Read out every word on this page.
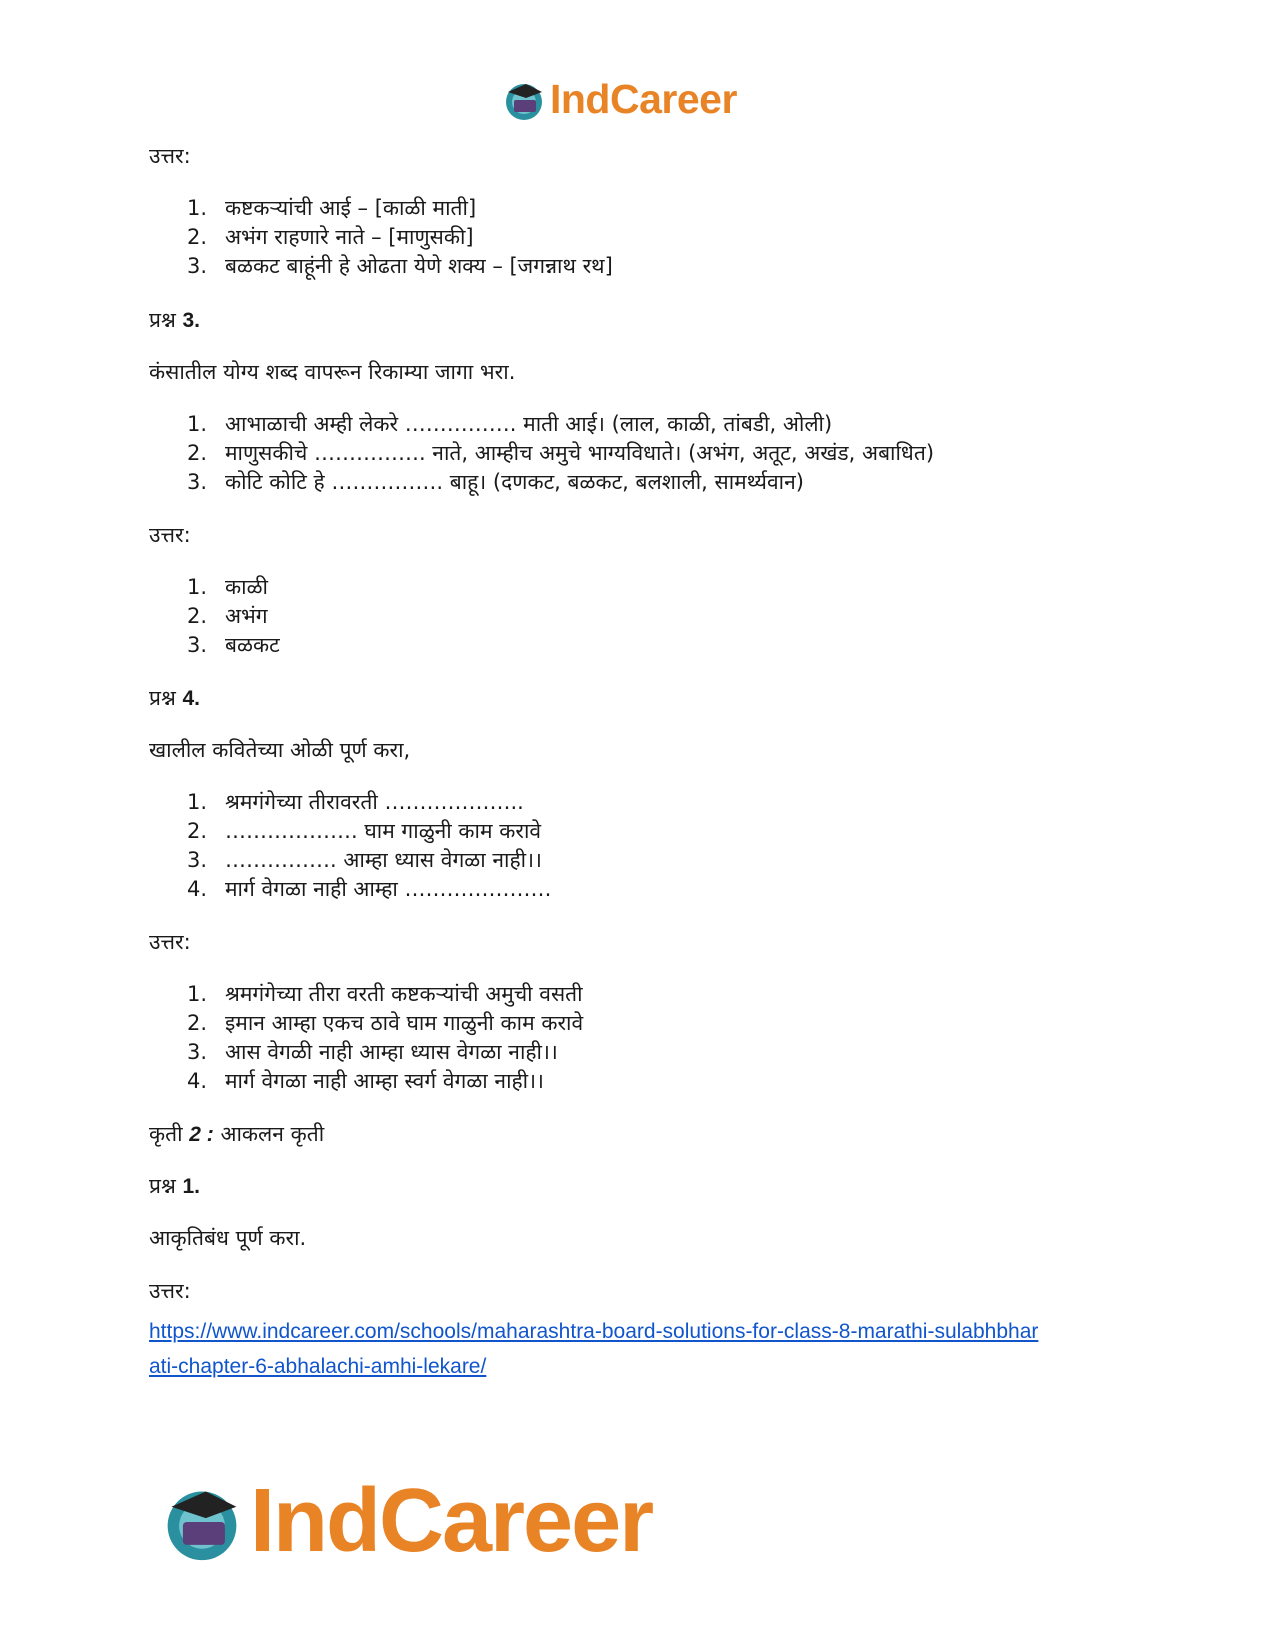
IndCareer
उत्तर:
1. कष्टकऱ्यांची आई – [काळी माती]
2. अभंग राहणारे नाते – [माणुसकी]
3. बळकट बाहूंनी हे ओढता येणे शक्य – [जगन्नाथ रथ]
प्रश्न 3.
कंसातील योग्य शब्द वापरून रिकाम्या जागा भरा.
1. आभाळाची अम्ही लेकरे ……………. माती आई। (लाल, काळी, तांबडी, ओली)
2. माणुसकीचे ……………. नाते, आम्हीच अमुचे भाग्यविधाते। (अभंग, अतूट, अखंड, अबाधित)
3. कोटि कोटि हे ……………. बाहू। (दणकट, बळकट, बलशाली, सामर्थ्यवान)
उत्तर:
1. काळी
2. अभंग
3. बळकट
प्रश्न 4.
खालील कवितेच्या ओळी पूर्ण करा,
1. श्रमगंगेच्या तीरावरती ………………..
2. ………………. घाम गाळुनी काम करावे
3. ……………. आम्हा ध्यास वेगळा नाही।।
4. मार्ग वेगळा नाही आम्हा …………………
उत्तर:
1. श्रमगंगेच्या तीरा वरती कष्टकऱ्यांची अमुची वसती
2. इमान आम्हा एकच ठावे घाम गाळुनी काम करावे
3. आस वेगळी नाही आम्हा ध्यास वेगळा नाही।।
4. मार्ग वेगळा नाही आम्हा स्वर्ग वेगळा नाही।।
कृती 2 : आकलन कृती
प्रश्न 1.
आकृतिबंध पूर्ण करा.
उत्तर:
https://www.indcareer.com/schools/maharashtra-board-solutions-for-class-8-marathi-sulabhbhar
ati-chapter-6-abhalachi-amhi-lekare/
IndCareer
